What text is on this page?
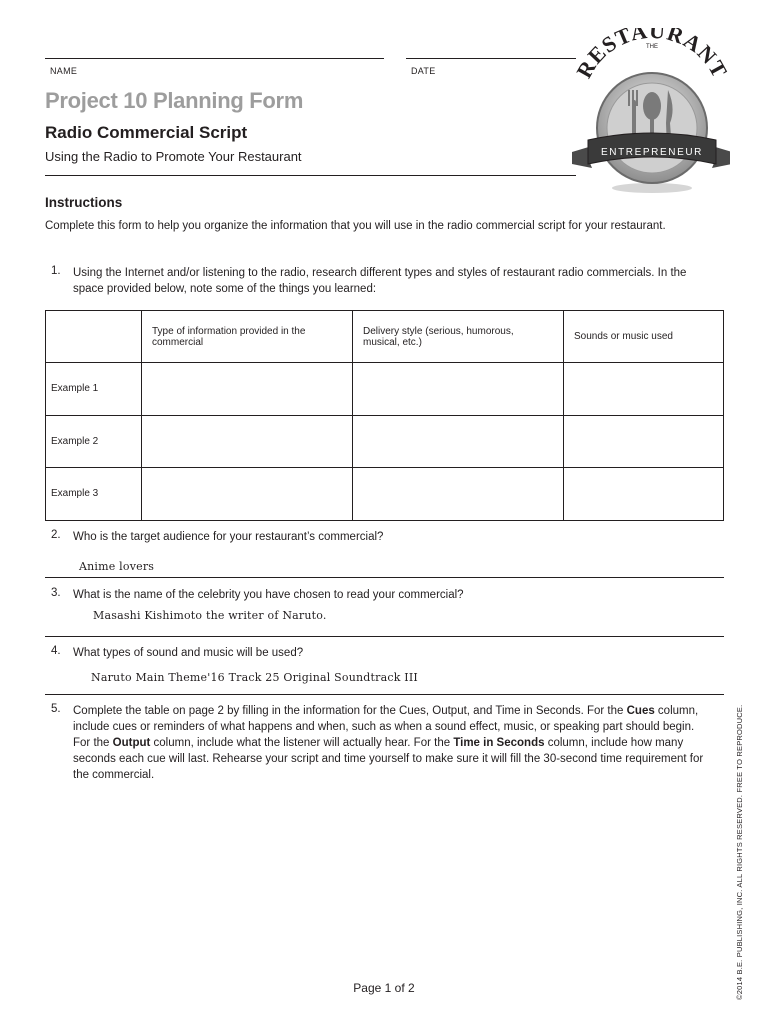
NAME	DATE
Project 10 Planning Form
Radio Commercial Script
Using the Radio to Promote Your Restaurant
THE
RESTAURANT
ENTREPRENEUR
Instructions
Complete this form to help you organize the information that you will use in the radio commercial script for your restaurant.
1. Using the Internet and/or listening to the radio, research different types and styles of restaurant radio commercials. In the
space provided below, note some of the things you learned:
	Type of information provided in the commercial	Delivery style (serious, humorous, musical, etc.)	Sounds or music used
Example 1			
Example 2			
Example 3			
2. Who is the target audience for your restaurant’s commercial?
Anime lovers
3. What is the name of the celebrity you have chosen to read your commercial?
Masashi Kishimoto the writer of Naruto.
4. What types of sound and music will be used?
Naruto Main Theme'16 Track 25 Original Soundtrack III
5. Complete the table on page 2 by filling in the information for the Cues, Output, and Time in Seconds. For the Cues column,
include cues or reminders of what happens and when, such as when a sound effect, music, or speaking part should begin.
For the Output column, include what the listener will actually hear. For the Time in Seconds column, include how many
seconds each cue will last. Rehearse your script and time yourself to make sure it will fill the 30-second time requirement for
the commercial.
Page 1 of 2	©2014 B.E. PUBLISHING, INC. ALL RIGHTS RESERVED. FREE TO REPRODUCE.
